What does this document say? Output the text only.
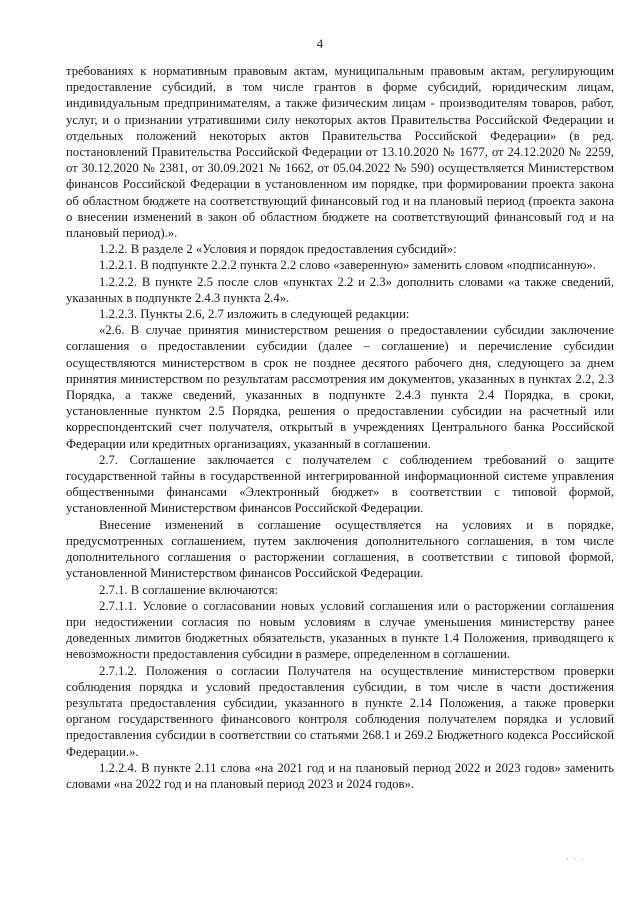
4

требованиях к нормативным правовым актам, муниципальным правовым актам, регулирующим предоставление субсидий, в том числе грантов в форме субсидий, юридическим лицам, индивидуальным предпринимателям, а также физическим лицам - производителям товаров, работ, услуг, и о признании утратившими силу некоторых актов Правительства Российской Федерации и отдельных положений некоторых актов Правительства Российской Федерации» (в ред. постановлений Правительства Российской Федерации от 13.10.2020 № 1677, от 24.12.2020 № 2259, от 30.12.2020 № 2381, от 30.09.2021 № 1662, от 05.04.2022 № 590) осуществляется Министерством финансов Российской Федерации в установленном им порядке, при формировании проекта закона об областном бюджете на соответствующий финансовый год и на плановый период (проекта закона о внесении изменений в закон об областном бюджете на соответствующий финансовый год и на плановый период).».

1.2.2. В разделе 2 «Условия и порядок предоставления субсидий»:

1.2.2.1. В подпункте 2.2.2 пункта 2.2 слово «заверенную» заменить словом «подписанную».

1.2.2.2. В пункте 2.5 после слов «пунктах 2.2 и 2.3» дополнить словами «а также сведений, указанных в подпункте 2.4.3 пункта 2.4».

1.2.2.3. Пункты 2.6, 2.7 изложить в следующей редакции:

«2.6. В случае принятия министерством решения о предоставлении субсидии заключение соглашения о предоставлении субсидии (далее – соглашение) и перечисление субсидии осуществляются министерством в срок не позднее десятого рабочего дня, следующего за днем принятия министерством по результатам рассмотрения им документов, указанных в пунктах 2.2, 2.3 Порядка, а также сведений, указанных в подпункте 2.4.3 пункта 2.4 Порядка, в сроки, установленные пунктом 2.5 Порядка, решения о предоставлении субсидии на расчетный или корреспондентский счет получателя, открытый в учреждениях Центрального банка Российской Федерации или кредитных организациях, указанный в соглашении.

2.7. Соглашение заключается с получателем с соблюдением требований о защите государственной тайны в государственной интегрированной информационной системе управления общественными финансами «Электронный бюджет» в соответствии с типовой формой, установленной Министерством финансов Российской Федерации.

Внесение изменений в соглашение осуществляется на условиях и в порядке, предусмотренных соглашением, путем заключения дополнительного соглашения, в том числе дополнительного соглашения о расторжении соглашения, в соответствии с типовой формой, установленной Министерством финансов Российской Федерации.

2.7.1. В соглашение включаются:

2.7.1.1. Условие о согласовании новых условий соглашения или о расторжении соглашения при недостижении согласия по новым условиям в случае уменьшения министерству ранее доведенных лимитов бюджетных обязательств, указанных в пункте 1.4 Положения, приводящего к невозможности предоставления субсидии в размере, определенном в соглашении.

2.7.1.2. Положения о согласии Получателя на осуществление министерством проверки соблюдения порядка и условий предоставления субсидии, в том числе в части достижения результата предоставления субсидии, указанного в пункте 2.14 Положения, а также проверки органом государственного финансового контроля соблюдения получателем порядка и условий предоставления субсидии в соответствии со статьями 268.1 и 269.2 Бюджетного кодекса Российской Федерации.».

1.2.2.4. В пункте 2.11 слова «на 2021 год и на плановый период 2022 и 2023 годов» заменить словами «на 2022 год и на плановый период 2023 и 2024 годов».

· · ·
